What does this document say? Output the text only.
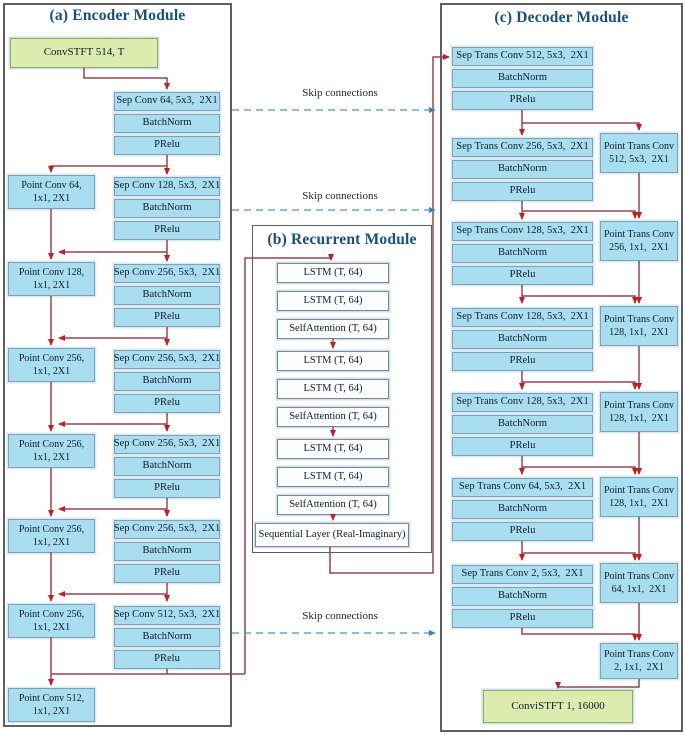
(a) Encoder Module
(b) Recurrent Module
(c) Decoder Module
ConvSTFT 514, T
Sep Conv 64, 5x3,  2X1
BatchNorm
PRelu
Sep Conv 128, 5x3,  2X1
BatchNorm
PRelu
Sep Conv 256, 5x3,  2X1
BatchNorm
PRelu
Sep Conv 256, 5x3,  2X1
BatchNorm
PRelu
Sep Conv 256, 5x3,  2X1
BatchNorm
PRelu
Sep Conv 256, 5x3,  2X1
BatchNorm
PRelu
Sep Conv 512, 5x3,  2X1
BatchNorm
PRelu
Point Conv 64, 1x1, 2X1
Point Conv 128, 1x1, 2X1
Point Conv 256, 1x1, 2X1
Point Conv 256, 1x1, 2X1
Point Conv 256, 1x1, 2X1
Point Conv 256, 1x1, 2X1
Point Conv 512, 1x1, 2X1
LSTM (T, 64)
LSTM (T, 64)
SelfAttention (T, 64)
LSTM (T, 64)
LSTM (T, 64)
SelfAttention (T, 64)
LSTM (T, 64)
LSTM (T, 64)
SelfAttention (T, 64)
Sequential Layer (Real-Imaginary)
Sep Trans Conv 512, 5x3,  2X1
BatchNorm
PRelu
Sep Trans Conv 256, 5x3,  2X1
BatchNorm
PRelu
Sep Trans Conv 128, 5x3,  2X1
BatchNorm
PRelu
Sep Trans Conv 128, 5x3,  2X1
BatchNorm
PRelu
Sep Trans Conv 128, 5x3,  2X1
BatchNorm
PRelu
Sep Trans Conv 64, 5x3,  2X1
BatchNorm
PRelu
Sep Trans Conv 2, 5x3,  2X1
BatchNorm
PRelu
Point Trans Conv
512, 5x3,  2X1
Point Trans Conv
256, 1x1,  2X1
Point Trans Conv
128, 1x1,  2X1
Point Trans Conv
128, 1x1,  2X1
Point Trans Conv
128, 1x1,  2X1
Point Trans Conv
64, 1x1,  2X1
Point Trans Conv
2, 1x1,  2X1
ConviSTFT 1, 16000
Skip connections
Skip connections
Skip connections
